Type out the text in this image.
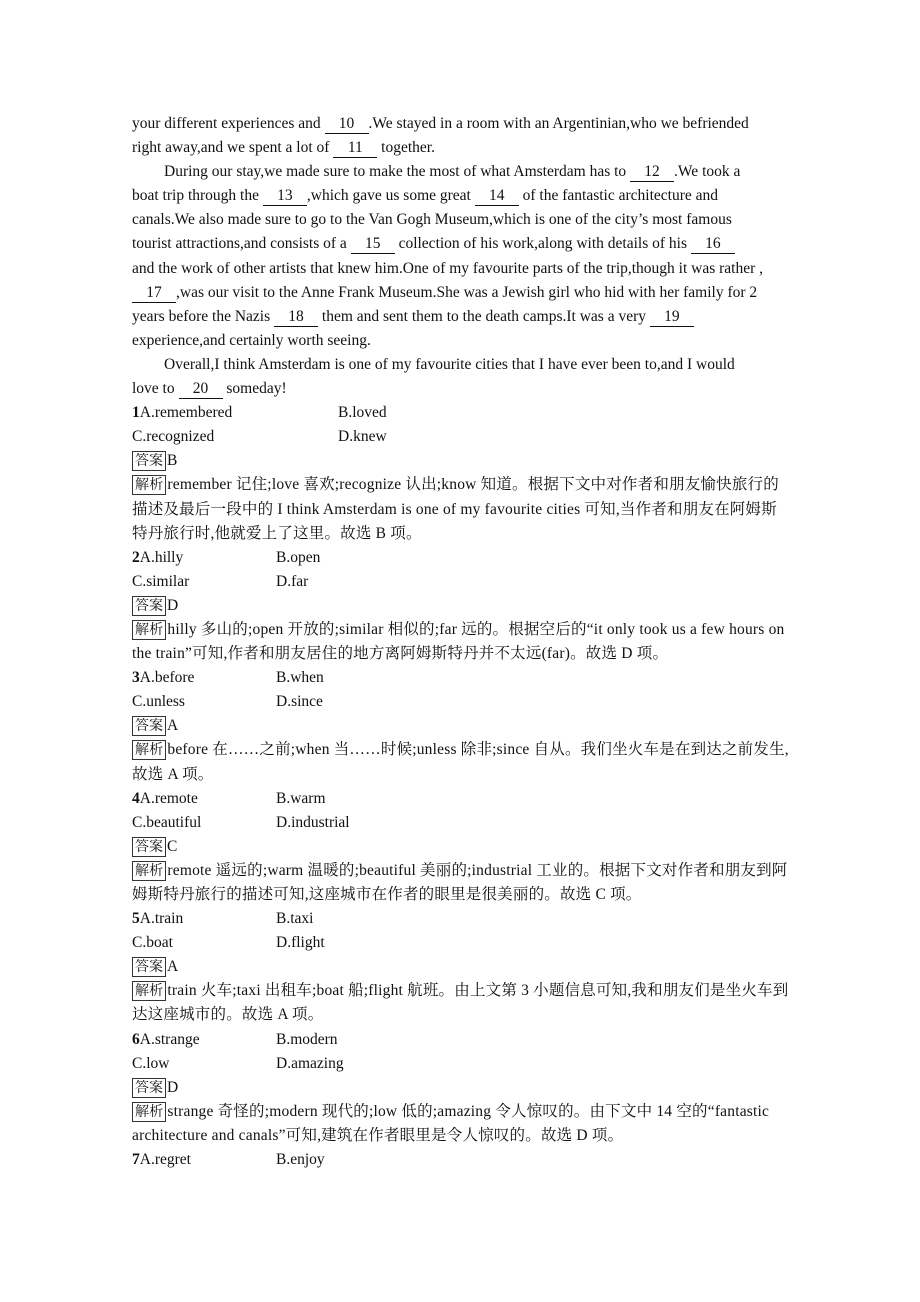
your different experiences and 10 .We stayed in a room with an Argentinian,who we befriended
right away,and we spent a lot of 11 together.
During our stay,we made sure to make the most of what Amsterdam has to 12 .We took a
boat trip through the 13 ,which gave us some great 14 of the fantastic architecture and
canals.We also made sure to go to the Van Gogh Museum,which is one of the city’s most famous
tourist attractions,and consists of a 15 collection of his work,along with details of his 16
and the work of other artists that knew him.One of my favourite parts of the trip,though it was rather ,
17 ,was our visit to the Anne Frank Museum.She was a Jewish girl who hid with her family for 2
years before the Nazis 18 them and sent them to the death camps.It was a very 19
experience,and certainly worth seeing.
Overall,I think Amsterdam is one of my favourite cities that I have ever been to,and I would
love to 20 someday!
1A.remembered	B.loved
C.recognized	D.knew
答案 B
解析 remember 记住;love 喜欢;recognize 认出;know 知道。根据下文中对作者和朋友愉快旅行的描述及最后一段中的 I think Amsterdam is one of my favourite cities 可知,当作者和朋友在阿姆斯特丹旅行时,他就爱上了这里。故选 B 项。
2A.hilly	B.open
C.similar	D.far
答案 D
解析 hilly 多山的;open 开放的;similar 相似的;far 远的。根据空后的“it only took us a few hours on the train”可知,作者和朋友居住的地方离阿姆斯特丹并不太远(far)。故选 D 项。
3A.before	B.when
C.unless	D.since
答案 A
解析 before 在……之前;when 当……时候;unless 除非;since 自从。我们坐火车是在到达之前发生,故选 A 项。
4A.remote	B.warm
C.beautiful	D.industrial
答案 C
解析 remote 遥远的;warm 温暖的;beautiful 美丽的;industrial 工业的。根据下文对作者和朋友到阿姆斯特丹旅行的描述可知,这座城市在作者的眼里是很美丽的。故选 C 项。
5A.train	B.taxi
C.boat	D.flight
答案 A
解析 train 火车;taxi 出租车;boat 船;flight 航班。由上文第 3 小题信息可知,我和朋友们是坐火车到达这座城市的。故选 A 项。
6A.strange	B.modern
C.low	D.amazing
答案 D
解析 strange 奇怪的;modern 现代的;low 低的;amazing 令人惊叹的。由下文中 14 空的“fantastic architecture and canals”可知,建筑在作者眼里是令人惊叹的。故选 D 项。
7A.regret	B.enjoy
